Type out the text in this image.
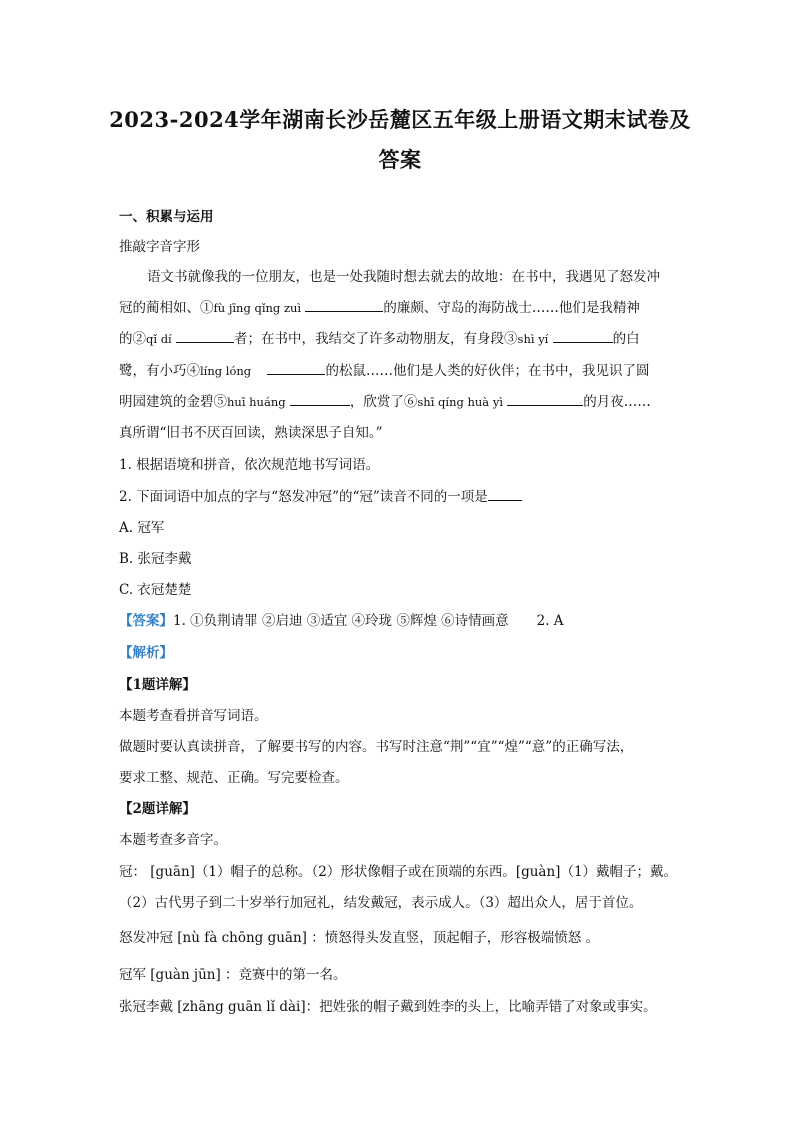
2023-2024学年湖南长沙岳麓区五年级上册语文期末试卷及
答案
一、积累与运用
推敲字音字形
语文书就像我的一位朋友，也是一处我随时想去就去的故地：在书中，我遇见了怒发冲
冠的蔺相如、①fù jīng qǐng zuì	的廉颇、守岛的海防战士……他们是我精神
的②qǐ dí	者；在书中，我结交了许多动物朋友，有身段③shì yí	的白
鹭，有小巧④líng lóng	的松鼠……他们是人类的好伙伴；在书中，我见识了圆
明园建筑的金碧⑤huī huáng	，欣赏了⑥shī qíng huà yì	的月夜……
真所谓“旧书不厌百回读，熟读深思子自知。”
1. 根据语境和拼音，依次规范地书写词语。
2. 下面词语中加点的字与“怒发冲冠”的“冠”读音不同的一项是
A. 冠军
B. 张冠李戴
C. 衣冠楚楚
【答案】1. ①负荆请罪 ②启迪 ③适宜 ④玲珑 ⑤辉煌 ⑥诗情画意 2. A
【解析】
【1题详解】
本题考查看拼音写词语。
做题时要认真读拼音，了解要书写的内容。书写时注意“荆”“宜”“煌”“意”的正确写法，
要求工整、规范、正确。写完要检查。
【2题详解】
本题考查多音字。
冠： [guān]（1）帽子的总称。（2）形状像帽子或在顶端的东西。[guàn]（1）戴帽子；戴。
（2）古代男子到二十岁举行加冠礼，结发戴冠，表示成人。（3）超出众人，居于首位。
怒发冲冠 [nù fà chōng guān] ：愤怒得头发直竖，顶起帽子，形容极端愤怒 。
冠军 [guàn jūn] ：竞赛中的第一名。
张冠李戴 [zhāng guān lǐ dài]：把姓张的帽子戴到姓李的头上，比喻弄错了对象或事实。
